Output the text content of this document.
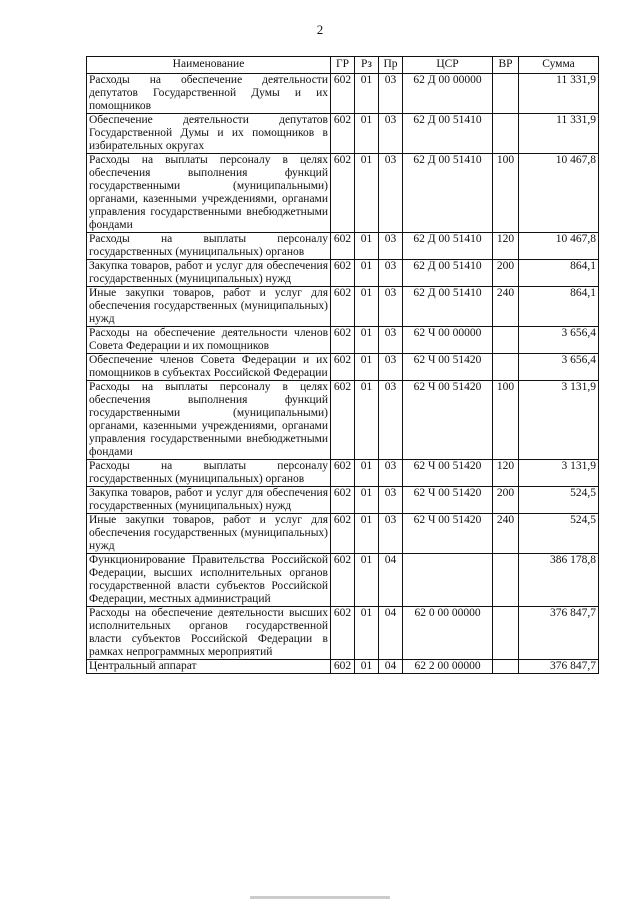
2
Наименование	ГР	Рз	Пр	ЦСР	ВР	Сумма
Расходы на обеспечение деятельности депутатов Государственной Думы и их помощников	602	01	03	62 Д 00 00000		11 331,9
Обеспечение деятельности депутатов Государственной Думы и их помощников в избирательных округах	602	01	03	62 Д 00 51410		11 331,9
Расходы на выплаты персоналу в целях обеспечения выполнения функций государственными (муниципальными) органами, казенными учреждениями, органами управления государственными внебюджетными фондами	602	01	03	62 Д 00 51410	100	10 467,8
Расходы на выплаты персоналу государственных (муниципальных) органов	602	01	03	62 Д 00 51410	120	10 467,8
Закупка товаров, работ и услуг для обеспечения государственных (муниципальных) нужд	602	01	03	62 Д 00 51410	200	864,1
Иные закупки товаров, работ и услуг для обеспечения государственных (муниципальных) нужд	602	01	03	62 Д 00 51410	240	864,1
Расходы на обеспечение деятельности членов Совета Федерации и их помощников	602	01	03	62 Ч 00 00000		3 656,4
Обеспечение членов Совета Федерации и их помощников в субъектах Российской Федерации	602	01	03	62 Ч 00 51420		3 656,4
Расходы на выплаты персоналу в целях обеспечения выполнения функций государственными (муниципальными) органами, казенными учреждениями, органами управления государственными внебюджетными фондами	602	01	03	62 Ч 00 51420	100	3 131,9
Расходы на выплаты персоналу государственных (муниципальных) органов	602	01	03	62 Ч 00 51420	120	3 131,9
Закупка товаров, работ и услуг для обеспечения государственных (муниципальных) нужд	602	01	03	62 Ч 00 51420	200	524,5
Иные закупки товаров, работ и услуг для обеспечения государственных (муниципальных) нужд	602	01	03	62 Ч 00 51420	240	524,5
Функционирование Правительства Российской Федерации, высших исполнительных органов государственной власти субъектов Российской Федерации, местных администраций	602	01	04			386 178,8
Расходы на обеспечение деятельности высших исполнительных органов государственной власти субъектов Российской Федерации в рамках непрограммных мероприятий	602	01	04	62 0 00 00000		376 847,7
Центральный аппарат	602	01	04	62 2 00 00000		376 847,7
